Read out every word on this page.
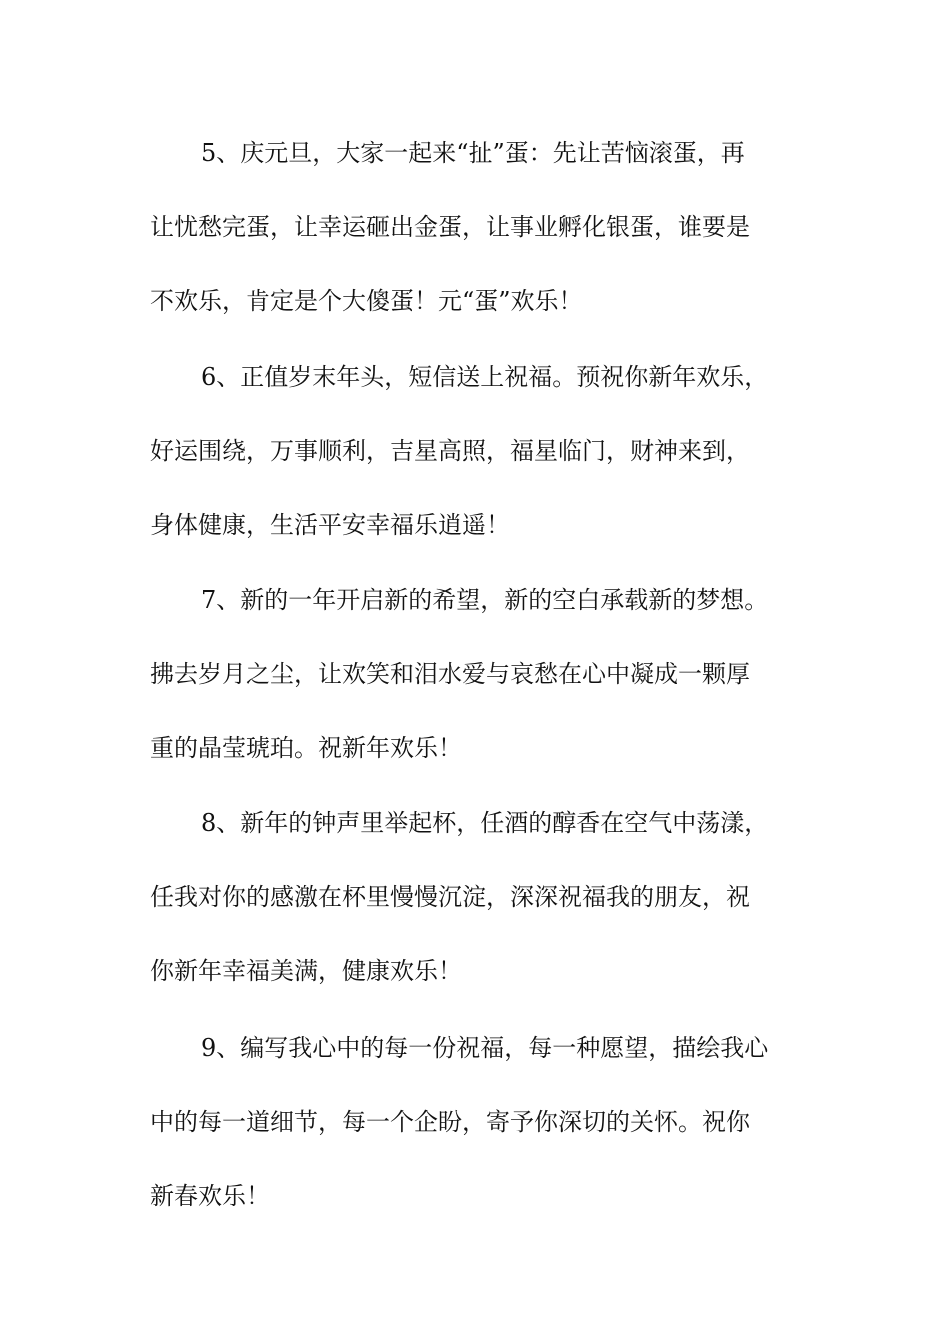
5、庆元旦，大家一起来“扯”蛋：先让苦恼滚蛋，再
让忧愁完蛋，让幸运砸出金蛋，让事业孵化银蛋，谁要是
不欢乐，肯定是个大傻蛋！元“蛋”欢乐！
6、正值岁末年头，短信送上祝福。预祝你新年欢乐，
好运围绕，万事顺利，吉星高照，福星临门，财神来到，
身体健康，生活平安幸福乐逍遥！
7、新的一年开启新的希望，新的空白承载新的梦想。
拂去岁月之尘，让欢笑和泪水爱与哀愁在心中凝成一颗厚
重的晶莹琥珀。祝新年欢乐！
8、新年的钟声里举起杯，任酒的醇香在空气中荡漾，
任我对你的感激在杯里慢慢沉淀，深深祝福我的朋友，祝
你新年幸福美满，健康欢乐！
9、编写我心中的每一份祝福，每一种愿望，描绘我心
中的每一道细节，每一个企盼，寄予你深切的关怀。祝你
新春欢乐！
